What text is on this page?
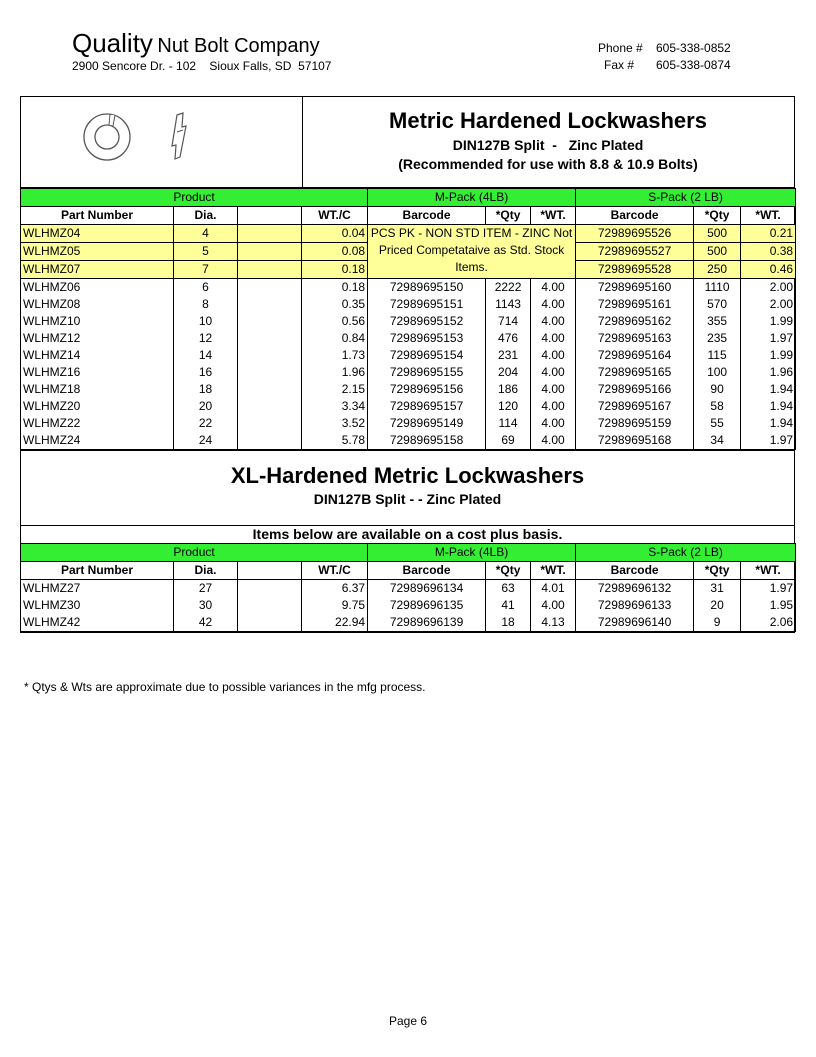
Quality Nut Bolt Company
2900 Sencore Dr. - 102    Sioux Falls, SD  57107
Phone # 605-338-0852
Fax # 605-338-0874
Metric Hardened Lockwashers
DIN127B Split  -   Zinc Plated
(Recommended for use with 8.8 & 10.9 Bolts)
Product				M-Pack (4LB)			S-Pack (2 LB)		
Part Number	Dia.		WT./C	Barcode	*Qty	*WT.	Barcode	*Qty	*WT.
WLHMZ04	4		0.04	PCS PK - NON STD ITEM - ZINC Not Priced Competataive as Std. Stock Items.			72989695526	500	0.21
WLHMZ05	5		0.08				72989695527	500	0.38
WLHMZ07	7		0.18				72989695528	250	0.46
WLHMZ06	6		0.18	72989695150	2222	4.00	72989695160	1110	2.00
WLHMZ08	8		0.35	72989695151	1143	4.00	72989695161	570	2.00
WLHMZ10	10		0.56	72989695152	714	4.00	72989695162	355	1.99
WLHMZ12	12		0.84	72989695153	476	4.00	72989695163	235	1.97
WLHMZ14	14		1.73	72989695154	231	4.00	72989695164	115	1.99
WLHMZ16	16		1.96	72989695155	204	4.00	72989695165	100	1.96
WLHMZ18	18		2.15	72989695156	186	4.00	72989695166	90	1.94
WLHMZ20	20		3.34	72989695157	120	4.00	72989695167	58	1.94
WLHMZ22	22		3.52	72989695149	114	4.00	72989695159	55	1.94
WLHMZ24	24		5.78	72989695158	69	4.00	72989695168	34	1.97
XL-Hardened Metric Lockwashers
DIN127B Split - - Zinc Plated
Items below are available on a cost plus basis.
Product				M-Pack (4LB)			S-Pack (2 LB)		
Part Number	Dia.		WT./C	Barcode	*Qty	*WT.	Barcode	*Qty	*WT.
WLHMZ27	27		6.37	72989696134	63	4.01	72989696132	31	1.97
WLHMZ30	30		9.75	72989696135	41	4.00	72989696133	20	1.95
WLHMZ42	42		22.94	72989696139	18	4.13	72989696140	9	2.06
* Qtys & Wts are approximate due to possible variances in the mfg process.
Page 6
